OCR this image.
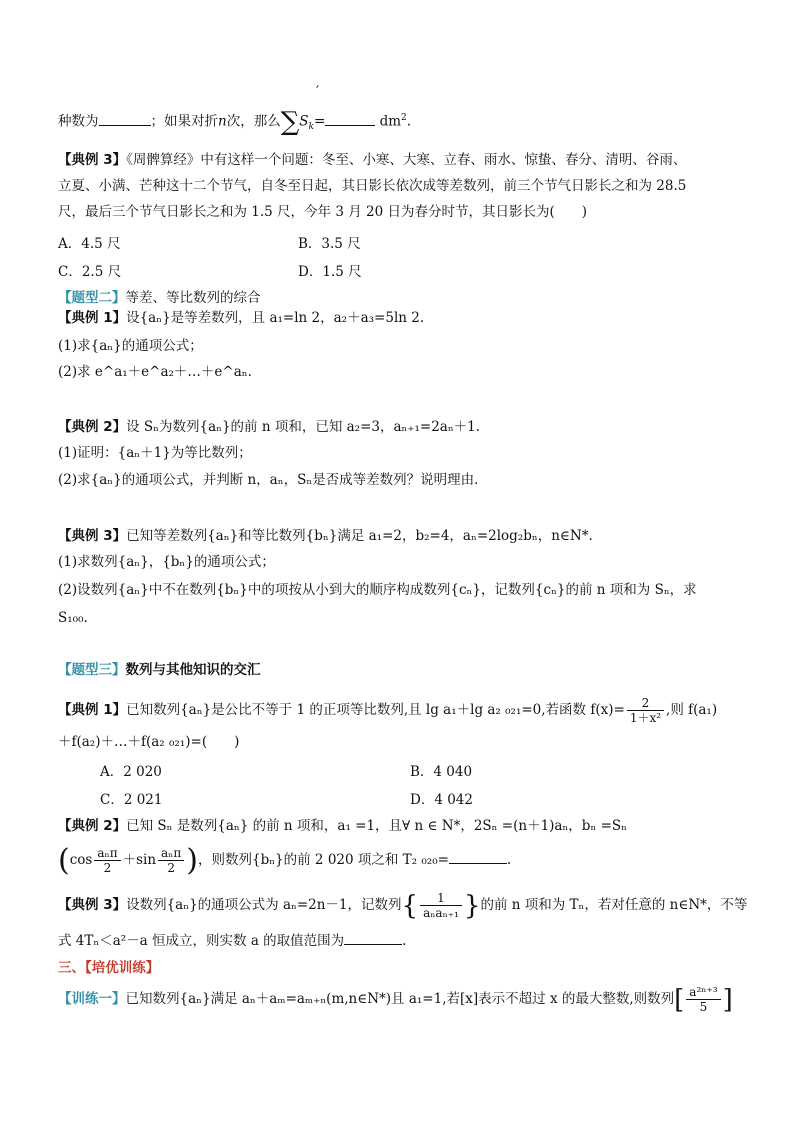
′
种数为	；如果对折n次，那么$\sum S_k=$	$dm^2$.
【典例 3】《周髀算经》中有这样一个问题：冬至、小寒、大寒、立春、雨水、惊蛰、春分、清明、谷雨、
立夏、小满、芒种这十二个节气，自冬至日起，其日影长依次成等差数列，前三个节气日影长之和为 28.5
尺，最后三个节气日影长之和为 1.5 尺，今年 3 月 20 日为春分时节，其日影长为(　　)
A．4.5 尺	B．3.5 尺
C．2.5 尺	D．1.5 尺
【题型二】等差、等比数列的综合
【典例 1】设{aₙ}是等差数列，且 a₁=ln 2，a₂＋a₃=5ln 2.
(1)求{aₙ}的通项公式；
(2)求 e^a₁＋e^a₂＋…＋e^aₙ.
【典例 2】设 Sₙ为数列{aₙ}的前 n 项和，已知 a₂=3，aₙ₊₁=2aₙ＋1.
(1)证明：{aₙ＋1}为等比数列；
(2)求{aₙ}的通项公式，并判断 n，aₙ，Sₙ是否成等差数列？说明理由.
【典例 3】已知等差数列{aₙ}和等比数列{bₙ}满足 a₁=2，b₂=4，aₙ=2log₂bₙ，n∈N*.
(1)求数列{aₙ}，{bₙ}的通项公式；
(2)设数列{aₙ}中不在数列{bₙ}中的项按从小到大的顺序构成数列{cₙ}，记数列{cₙ}的前 n 项和为 Sₙ，求
S₁₀₀.
【题型三】数列与其他知识的交汇
【典例 1】已知数列{aₙ}是公比不等于 1 的正项等比数列,且 lg a₁＋lg a₂ ₀₂₁=0,若函数 $f(x)= \frac{2}{\text{1＋x²}}$ ,则 f(a₁)
＋f(a₂)＋…＋f(a₂ ₀₂₁)=(　　)
A．2 020	B．4 040
C．2 021	D．4 042
【典例 2】已知 Sₙ 是数列{aₙ} 的前 n 项和，a₁ =1，且∀ n ∈ N*，2Sₙ =(n＋1)aₙ，bₙ =Sₙ
($\cos \frac{\text{aₙπ}}{2} +\sin \frac{\text{aₙπ}}{2}$ )，则数列{bₙ}的前 2 020 项之和 T₂ ₀₂₀=	.
【典例 3】设数列{aₙ}的通项公式为 aₙ=2n－1，记数列{ $\frac{1}{\text{aₙaₙ₊₁}}$ }的前 n 项和为 Tₙ，若对任意的 n∈N*，不等
式 4Tₙ＜a²－a 恒成立，则实数 a 的取值范围为	.
三、【培优训练】
【训练一】已知数列{aₙ}满足 aₙ＋aₘ=aₘ₊ₙ(m,n∈N*)且 a₁=1,若[x]表示不超过 x 的最大整数,则数列[ $\frac{\text{a²ⁿ⁺³}}{5}$ ]
